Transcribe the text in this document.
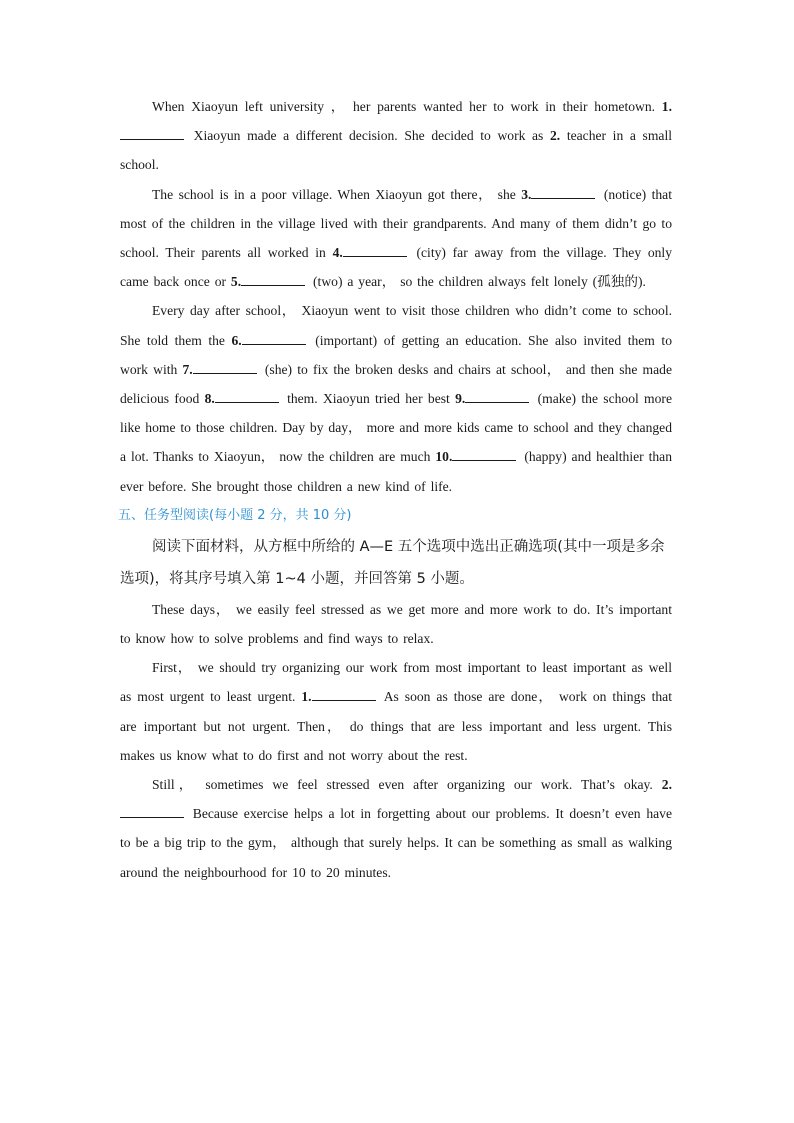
When Xiaoyun left university ， her parents wanted her to work in their hometown. 1. Xiaoyun made a different decision. She decided to work as 2. teacher in a small school.

The school is in a poor village. When Xiaoyun got there， she 3.	(notice) that most of the children in the village lived with their grandparents. And many of them didn’t go to school. Their parents all worked in 4.	(city) far away from the village. They only came back once or 5.	(two) a year， so the children always felt lonely (孤独的).

Every day after school， Xiaoyun went to visit those children who didn’t come to school. She told them the 6.	(important) of getting an education. She also invited them to work with 7.	(she) to fix the broken desks and chairs at school， and then she made delicious food 8.	them. Xiaoyun tried her best 9.	(make) the school more like home to those children. Day by day， more and more kids came to school and they changed a lot. Thanks to Xiaoyun， now the children are much 10.	(happy) and healthier than ever before. She brought those children a new kind of life.

五、任务型阅读(每小题 2 分，共 10 分)

阅读下面材料，从方框中所给的 A—E 五个选项中选出正确选项(其中一项是多余选项)，将其序号填入第 1~4 小题，并回答第 5 小题。

These days， we easily feel stressed as we get more and more work to do. It’s important to know how to solve problems and find ways to relax.

First， we should try organizing our work from most important to least important as well as most urgent to least urgent. 1.	As soon as those are done， work on things that are important but not urgent. Then， do things that are less important and less urgent. This makes us know what to do first and not worry about the rest.

Still， sometimes we feel stressed even after organizing our work. That’s okay. 2. Because exercise helps a lot in forgetting about our problems. It doesn’t even have to be a big trip to the gym， although that surely helps. It can be something as small as walking around the neighbourhood for 10 to 20 minutes.
